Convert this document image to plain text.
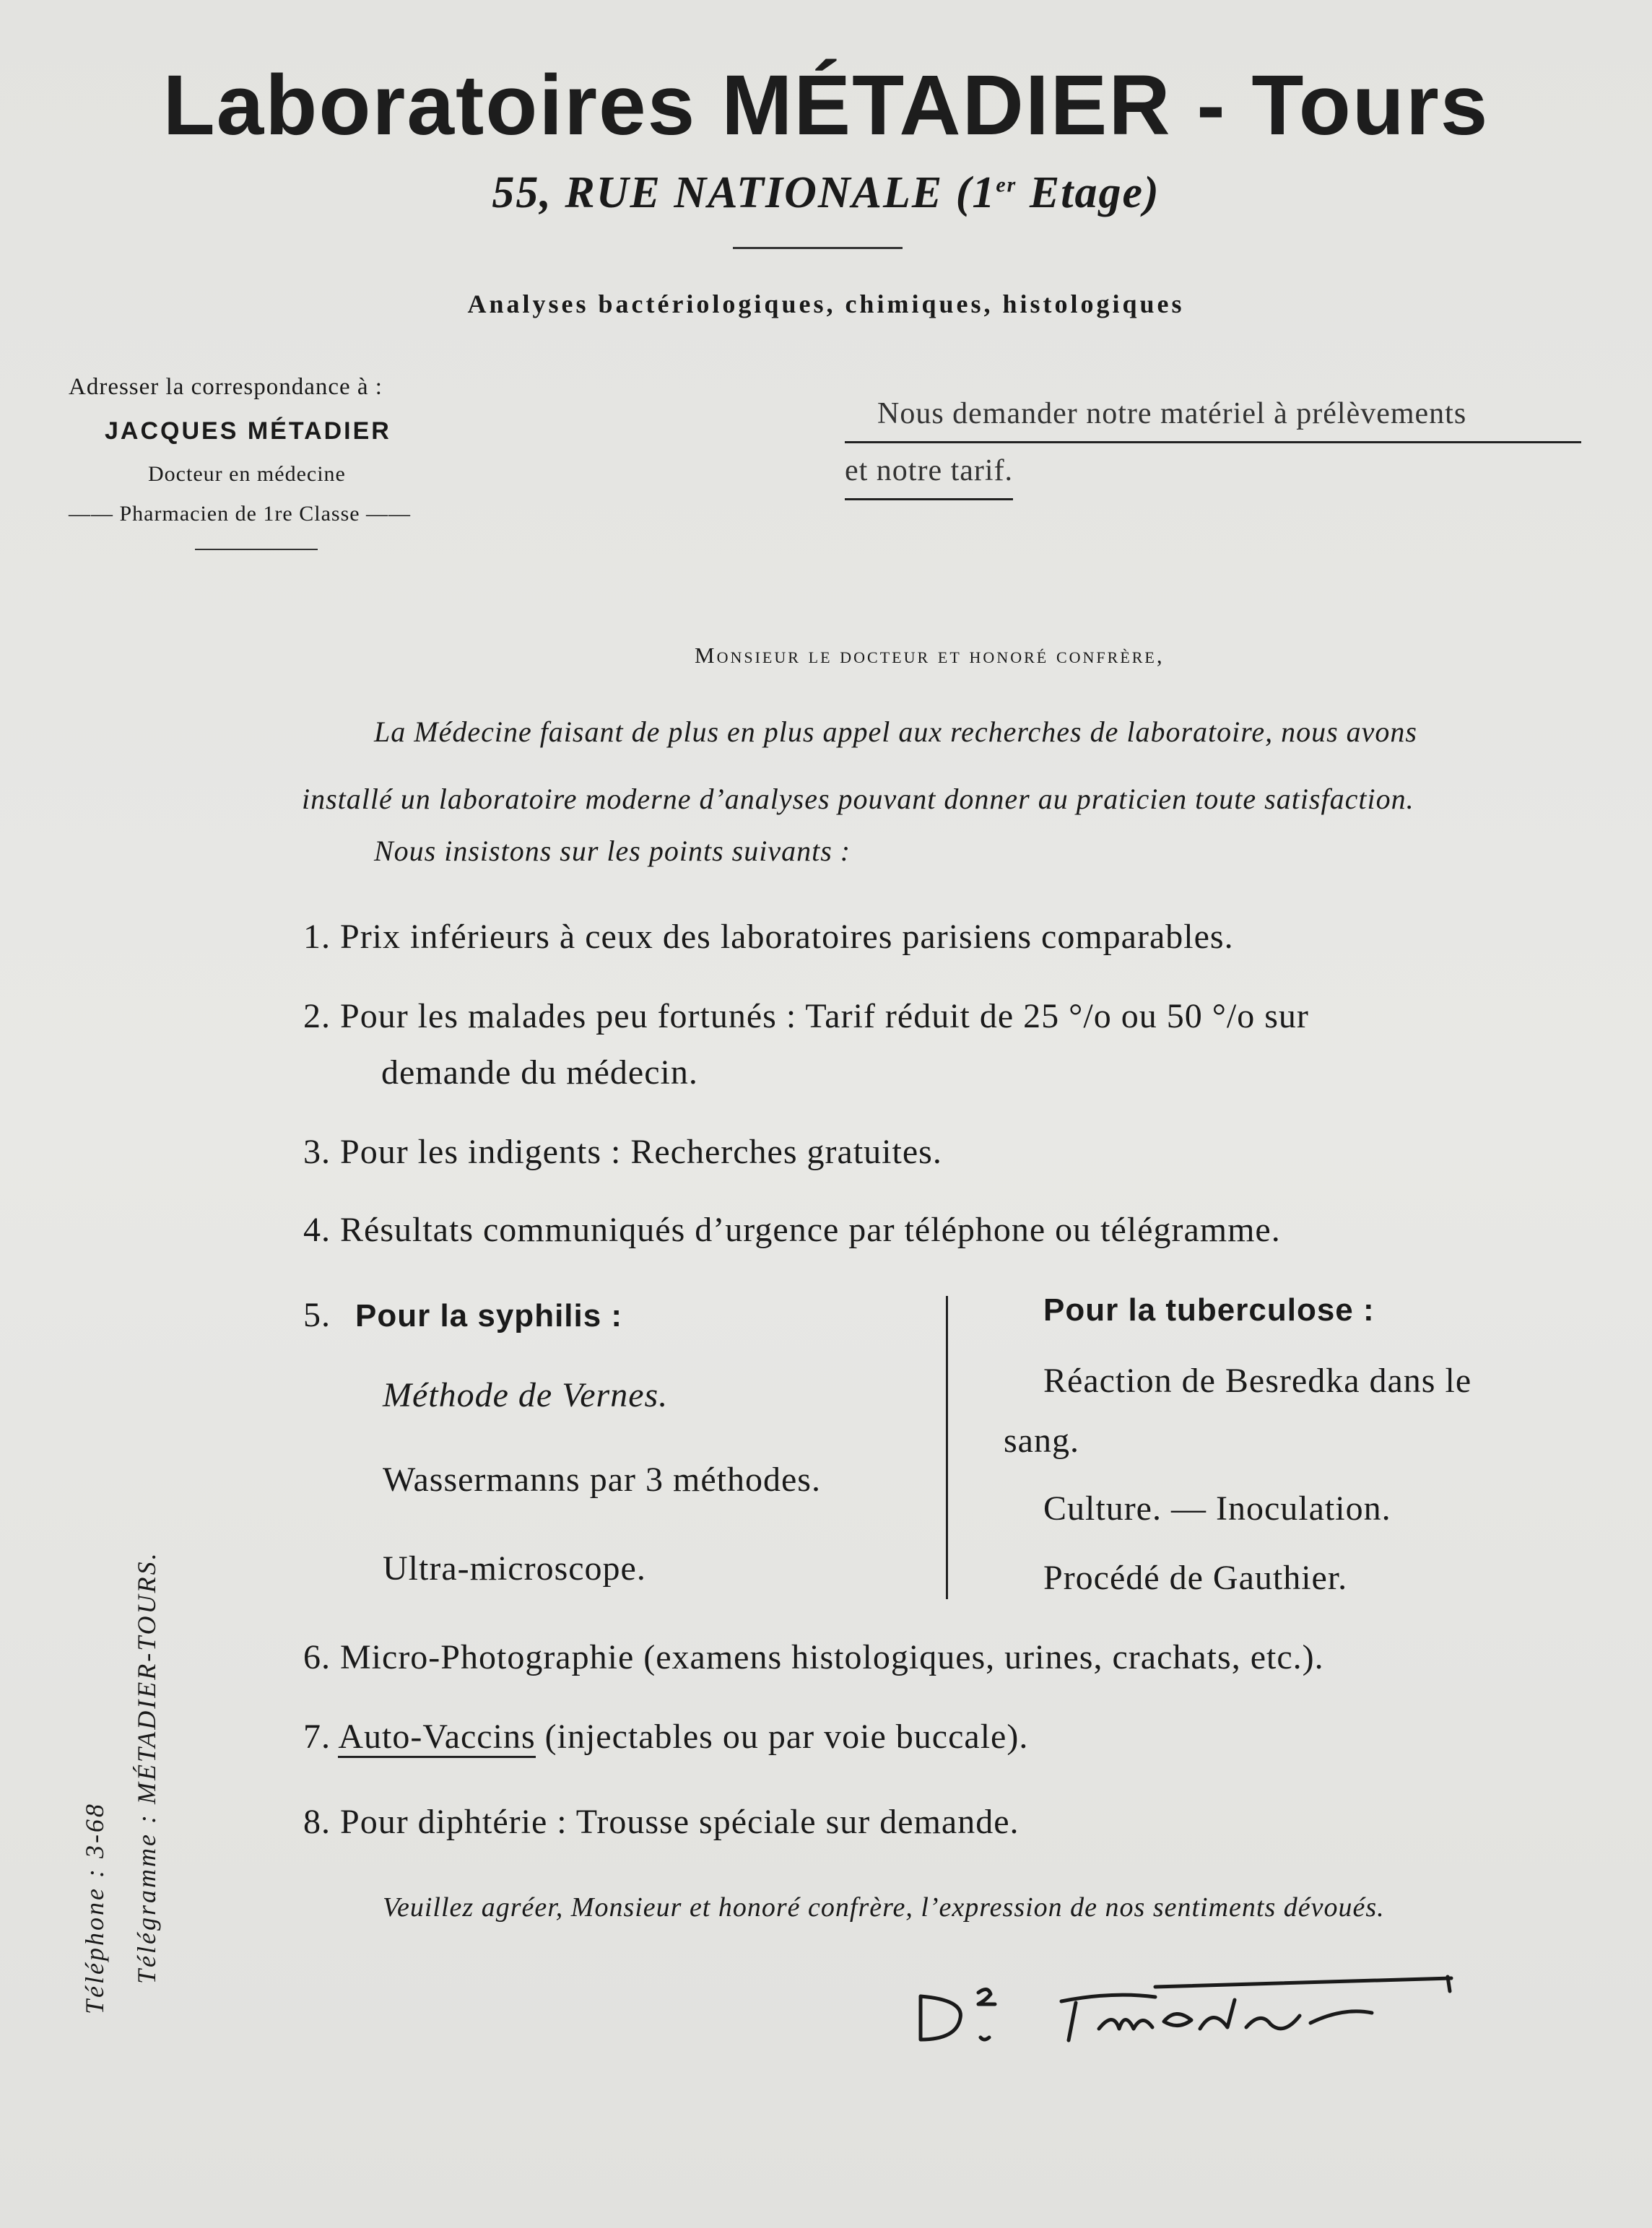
Laboratoires MÉTADIER - Tours
55, RUE NATIONALE (1er Etage)
Analyses bactériologiques, chimiques, histologiques
Adresser la correspondance à :
JACQUES MÉTADIER
Docteur en médecine
—— Pharmacien de 1re Classe ——
Nous demander notre matériel à prélèvements
et notre tarif.
Monsieur le docteur et honoré confrère,
La Médecine faisant de plus en plus appel aux recherches de laboratoire, nous avons
installé un laboratoire moderne d’analyses pouvant donner au praticien toute satisfaction.
Nous insistons sur les points suivants :
1. Prix inférieurs à ceux des laboratoires parisiens comparables.
2. Pour les malades peu fortunés : Tarif réduit de 25 °/o ou 50 °/o sur
demande du médecin.
3. Pour les indigents : Recherches gratuites.
4. Résultats communiqués d’urgence par téléphone ou télégramme.
5. Pour la syphilis :
Méthode de Vernes.
Wassermanns par 3 méthodes.
Ultra-microscope.
Pour la tuberculose :
Réaction de Besredka dans le
sang.
Culture. — Inoculation.
Procédé de Gauthier.
6. Micro-Photographie (examens histologiques, urines, crachats, etc.).
7. Auto-Vaccins (injectables ou par voie buccale).
8. Pour diphtérie : Trousse spéciale sur demande.
Veuillez agréer, Monsieur et honoré confrère, l’expression de nos sentiments dévoués.
Téléphone : 3-68 Télégramme : MÉTADIER-TOURS.
